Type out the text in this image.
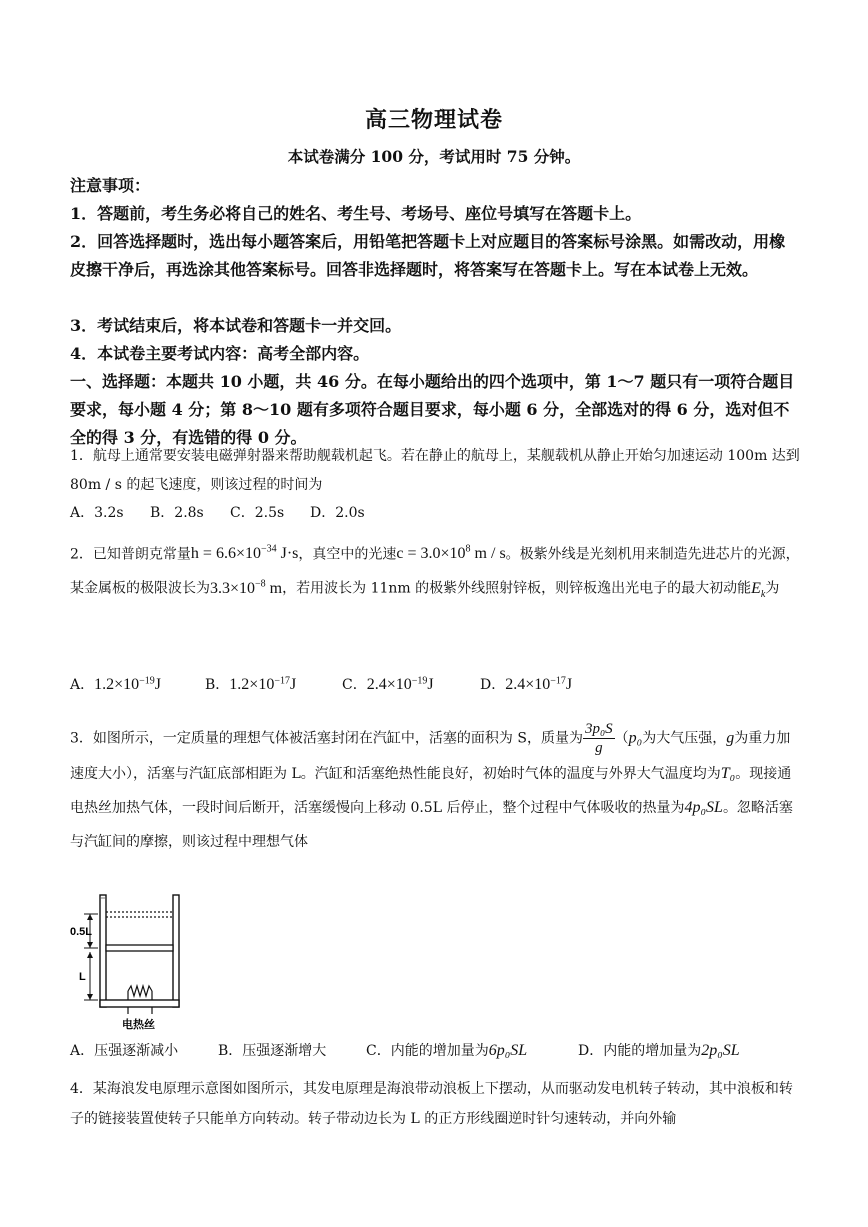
高三物理试卷
本试卷满分 100 分，考试用时 75 分钟。
注意事项：
1．答题前，考生务必将自己的姓名、考生号、考场号、座位号填写在答题卡上。
2．回答选择题时，选出每小题答案后，用铅笔把答题卡上对应题目的答案标号涂黑。如需改动，用橡皮擦干净后，再选涂其他答案标号。回答非选择题时，将答案写在答题卡上。写在本试卷上无效。
3．考试结束后，将本试卷和答题卡一并交回。
4．本试卷主要考试内容：高考全部内容。
一、选择题：本题共 10 小题，共 46 分。在每小题给出的四个选项中，第 1～7 题只有一项符合题目要求，每小题 4 分；第 8～10 题有多项符合题目要求，每小题 6 分，全部选对的得 6 分，选对但不全的得 3 分，有选错的得 0 分。
1．航母上通常要安装电磁弹射器来帮助舰载机起飞。若在静止的航母上，某舰载机从静止开始匀加速运动 100m 达到 80m / s 的起飞速度，则该过程的时间为
A．3.2s B．2.8s C．2.5s D．2.0s
2．已知普朗克常量$h = 6.6\times 10^{-34}$ J·s，真空中的光速$c = 3.0\times 10^8$ m / s。极紫外线是光刻机用来制造先进芯片的光源，某金属板的极限波长为$3.3\times 10^{-8}$ m，若用波长为 11nm 的极紫外线照射锌板，则锌板逸出光电子的最大初动能$E_k$为
A．$1.2\times 10^{-19}J$	B．$1.2\times 10^{-17}J$	C．$2.4\times 10^{-19}J$	D．$2.4\times 10^{-17}J$
3．如图所示，一定质量的理想气体被活塞封闭在汽缸中，活塞的面积为 S，质量为 $\frac{\text{3p₀S}}{g} (p_0$为大气压强，g为重力加速度大小），活塞与汽缸底部相距为 L。汽缸和活塞绝热性能良好，初始时气体的温度与外界大气温度均为T₀。现接通电热丝加热气体，一段时间后断开，活塞缓慢向上移动 0.5L 后停止，整个过程中气体吸收的热量为4p₀SL。忽略活塞与汽缸间的摩擦，则该过程中理想气体
0.5L
L
电热丝
A．压强逐渐减小	B．压强逐渐增大	C．内能的增加量为6p₀SL	D．内能的增加量为2p₀SL
4．某海浪发电原理示意图如图所示，其发电原理是海浪带动浪板上下摆动，从而驱动发电机转子转动，其中浪板和转子的链接装置使转子只能单方向转动。转子带动边长为 L 的正方形线圈逆时针匀速转动，并向外输
